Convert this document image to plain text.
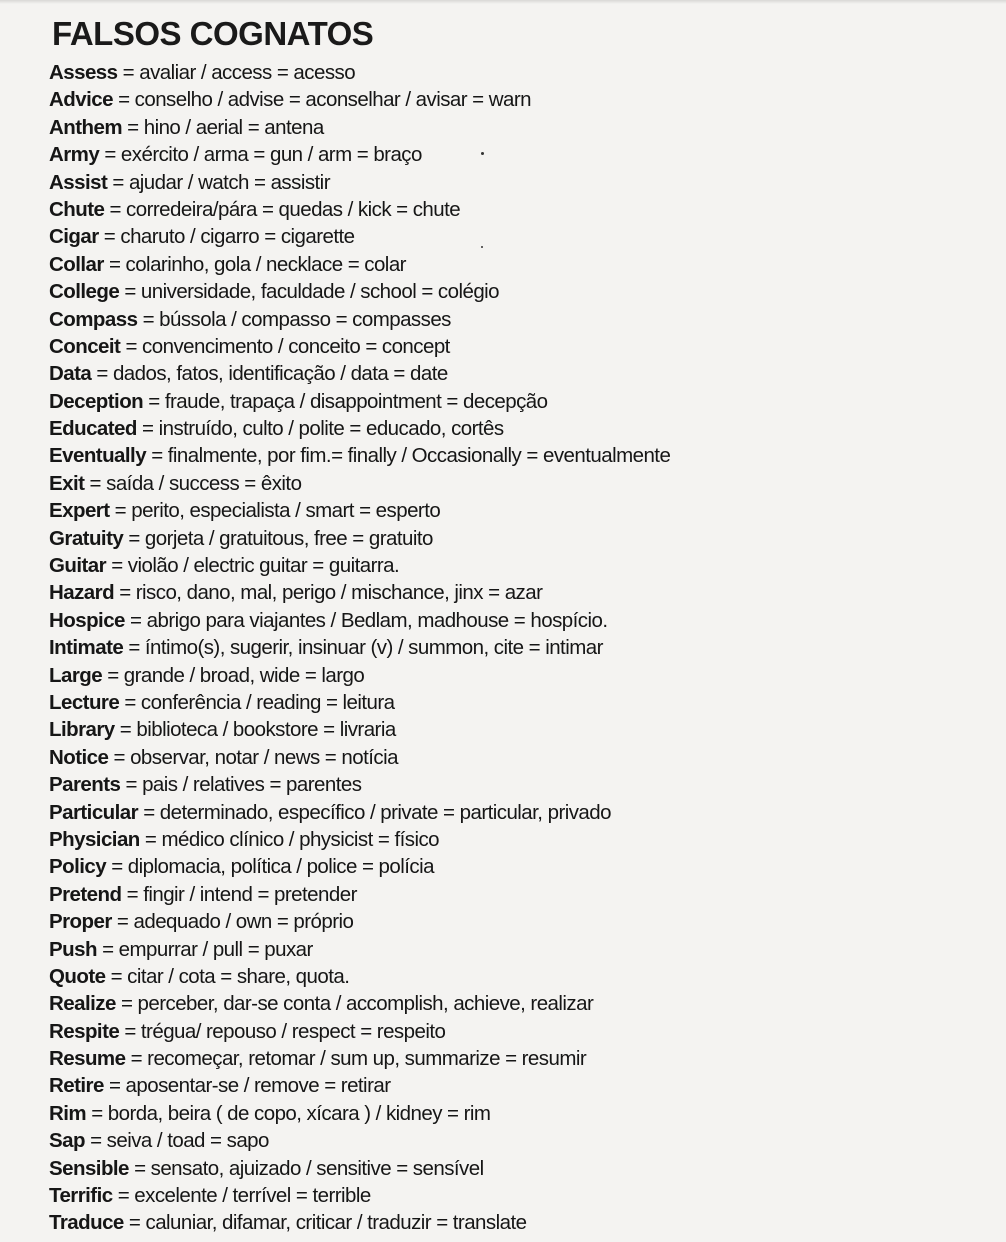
FALSOS COGNATOS
Assess = avaliar / access = acesso
Advice = conselho / advise = aconselhar / avisar = warn
Anthem = hino / aerial = antena
Army = exército / arma = gun / arm = braço
Assist = ajudar / watch = assistir
Chute = corredeira/pára = quedas / kick = chute
Cigar = charuto / cigarro = cigarette
Collar = colarinho, gola / necklace = colar
College = universidade, faculdade / school = colégio
Compass = bússola / compasso = compasses
Conceit = convencimento / conceito = concept
Data = dados, fatos, identificação / data = date
Deception = fraude, trapaça / disappointment = decepção
Educated = instruído, culto / polite = educado, cortês
Eventually = finalmente, por fim.= finally / Occasionally = eventualmente
Exit = saída / success = êxito
Expert = perito, especialista / smart = esperto
Gratuity = gorjeta / gratuitous, free = gratuito
Guitar = violão / electric guitar = guitarra.
Hazard = risco, dano, mal, perigo / mischance, jinx = azar
Hospice = abrigo para viajantes / Bedlam, madhouse = hospício.
Intimate = íntimo(s), sugerir, insinuar (v) / summon, cite = intimar
Large = grande / broad, wide = largo
Lecture = conferência / reading = leitura
Library = biblioteca / bookstore = livraria
Notice = observar, notar / news = notícia
Parents = pais / relatives = parentes
Particular = determinado, específico / private = particular, privado
Physician = médico clínico / physicist = físico
Policy = diplomacia, política / police = polícia
Pretend = fingir / intend = pretender
Proper = adequado / own = próprio
Push = empurrar / pull = puxar
Quote = citar / cota = share, quota.
Realize = perceber, dar-se conta / accomplish, achieve, realizar
Respite = trégua/ repouso / respect = respeito
Resume = recomeçar, retomar / sum up, summarize = resumir
Retire = aposentar-se / remove = retirar
Rim = borda, beira ( de copo, xícara ) / kidney = rim
Sap = seiva / toad = sapo
Sensible = sensato, ajuizado / sensitive = sensível
Terrific = excelente / terrível = terrible
Traduce = caluniar, difamar, criticar / traduzir = translate
